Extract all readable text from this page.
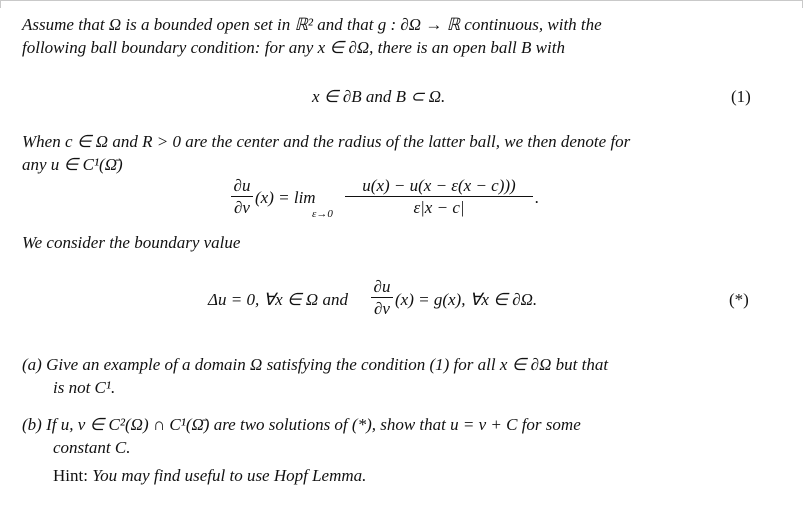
Assume that Ω is a bounded open set in ℝ² and that g : ∂Ω → ℝ continuous, with the
following ball boundary condition: for any x ∈ ∂Ω, there is an open ball B with
x ∈ ∂B and B ⊂ Ω.	(1)
When c ∈ Ω and R > 0 are the center and the radius of the latter ball, we then denote for
any u ∈ C¹(Ω̄)
∂u
∂ν
(x) = lim
ε→0
u(x) − u(x − ε(x − c)))
ε|x − c|
.
We consider the boundary value
Δu = 0, ∀x ∈ Ω and
∂u
∂ν (x) = g(x), ∀x ∈ ∂Ω.	(*)
(a) Give an example of a domain Ω satisfying the condition (1) for all x ∈ ∂Ω but that
is not C¹.
(b) If u, v ∈ C²(Ω) ∩ C¹(Ω̄) are two solutions of (*), show that u = v + C for some
constant C.
Hint: You may find useful to use Hopf Lemma.
